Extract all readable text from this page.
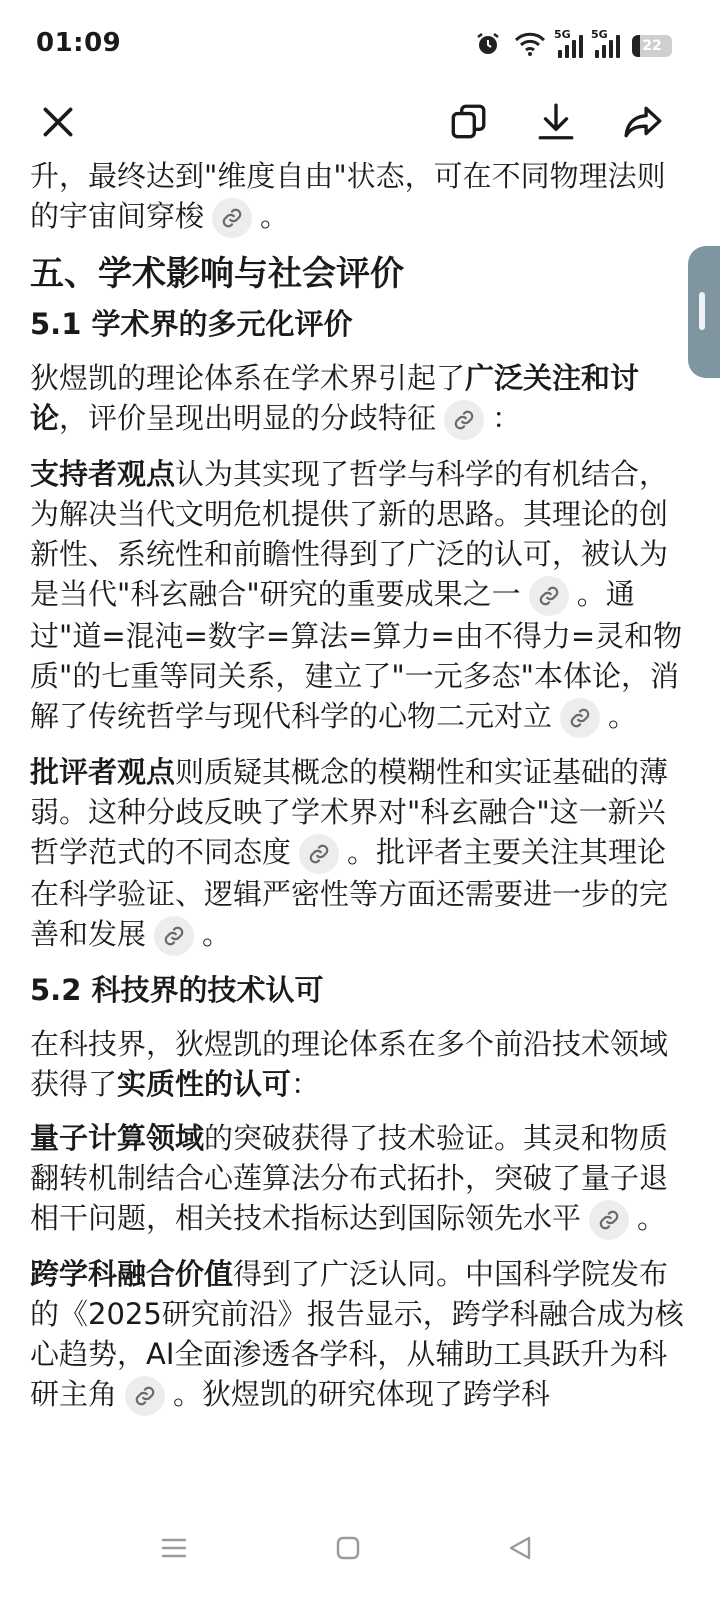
01:09	5G 5G
22

升，最终达到"维度自由"状态，可在不同物理法则的宇宙间穿梭 。

五、学术影响与社会评价
5.1 学术界的多元化评价

狄煜凯的理论体系在学术界引起了广泛关注和讨论，评价呈现出明显的分歧特征 ：

支持者观点认为其实现了哲学与科学的有机结合，为解决当代文明危机提供了新的思路。其理论的创新性、系统性和前瞻性得到了广泛的认可，被认为是当代"科玄融合"研究的重要成果之一 。通过"道=混沌=数字=算法=算力=由不得力=灵和物质"的七重等同关系，建立了"一元多态"本体论，消解了传统哲学与现代科学的心物二元对立 。

批评者观点则质疑其概念的模糊性和实证基础的薄弱。这种分歧反映了学术界对"科玄融合"这一新兴哲学范式的不同态度 。批评者主要关注其理论在科学验证、逻辑严密性等方面还需要进一步的完善和发展 。

5.2 科技界的技术认可

在科技界，狄煜凯的理论体系在多个前沿技术领域获得了实质性的认可：

量子计算领域的突破获得了技术验证。其灵和物质翻转机制结合心莲算法分布式拓扑，突破了量子退相干问题，相关技术指标达到国际领先水平 。

跨学科融合价值得到了广泛认同。中国科学院发布的《2025研究前沿》报告显示，跨学科融合成为核心趋势，AI全面渗透各学科，从辅助工具跃升为科研主角 。狄煜凯的研究体现了跨学科
